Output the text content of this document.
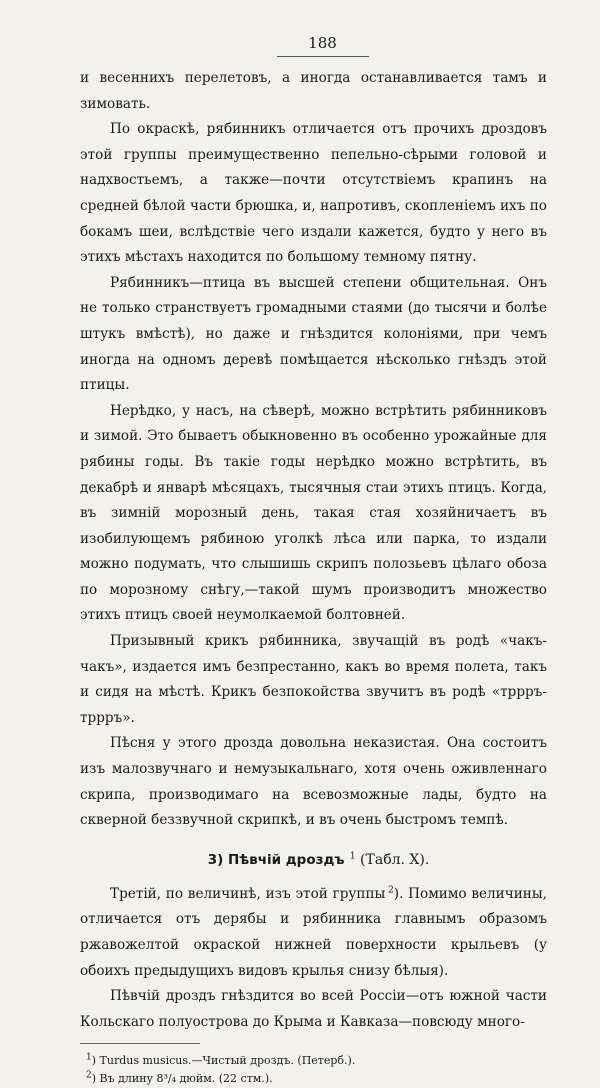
188

и весеннихъ перелетовъ, а иногда останавливается тамъ и зимовать.

По окраскѣ, рябинникъ отличается отъ прочихъ дроздовъ этой группы преимущественно пепельно-сѣрыми головой и надхвостьемъ, а также—почти отсутствіемъ крапинъ на средней бѣлой части брюшка, и, напротивъ, скопленіемъ ихъ по бокамъ шеи, вслѣдствіе чего издали кажется, будто у него въ этихъ мѣстахъ находится по большому темному пятну.

Рябинникъ—птица въ высшей степени общительная. Онъ не только странствуетъ громадными стаями (до тысячи и болѣе штукъ вмѣстѣ), но даже и гнѣздится колоніями, при чемъ иногда на одномъ деревѣ помѣщается нѣсколько гнѣздъ этой птицы.

Нерѣдко, у насъ, на сѣверѣ, можно встрѣтить рябинниковъ и зимой. Это бываетъ обыкновенно въ особенно урожайные для рябины годы. Въ такіе годы нерѣдко можно встрѣтить, въ декабрѣ и январѣ мѣсяцахъ, тысячныя стаи этихъ птицъ. Когда, въ зимній морозный день, такая стая хозяйничаетъ въ изобилующемъ рябиною уголкѣ лѣса или парка, то издали можно подумать, что слышишь скрипъ полозьевъ цѣлаго обоза по морозному снѣгу,—такой шумъ производитъ множество этихъ птицъ своей неумолкаемой болтовней.

Призывный крикъ рябинника, звучащій въ родѣ «чакъ-чакъ», издается имъ безпрестанно, какъ во время полета, такъ и сидя на мѣстѣ. Крикъ безпокойства звучитъ въ родѣ «тррръ-тррръ».

Пѣсня у этого дрозда довольна неказистая. Она состоитъ изъ малозвучнаго и немузыкальнаго, хотя очень оживленнаго скрипа, производимаго на всевозможные лады, будто на скверной беззвучной скрипкѣ, и въ очень быстромъ темпѣ.

3) Пѣвчій дроздъ   $^1$ (Табл. X).

Третій, по величинѣ, изъ этой группы  $^2$). Помимо величины, отличается отъ дерябы и рябинника главнымъ образомъ ржавожелтой окраской нижней поверхности крыльевъ (у обоихъ предыдущихъ видовъ крылья снизу бѣлыя).

Пѣвчій дроздъ гнѣздится во всей Россіи—отъ южной части Кольскаго полуострова до Крыма и Кавказа—повсюду много-

$^1$) Turdus musicus.—Чистый дроздъ. (Петерб.).
$^2$) Въ длину 8³/₄ дюйм. (22 стм.).
